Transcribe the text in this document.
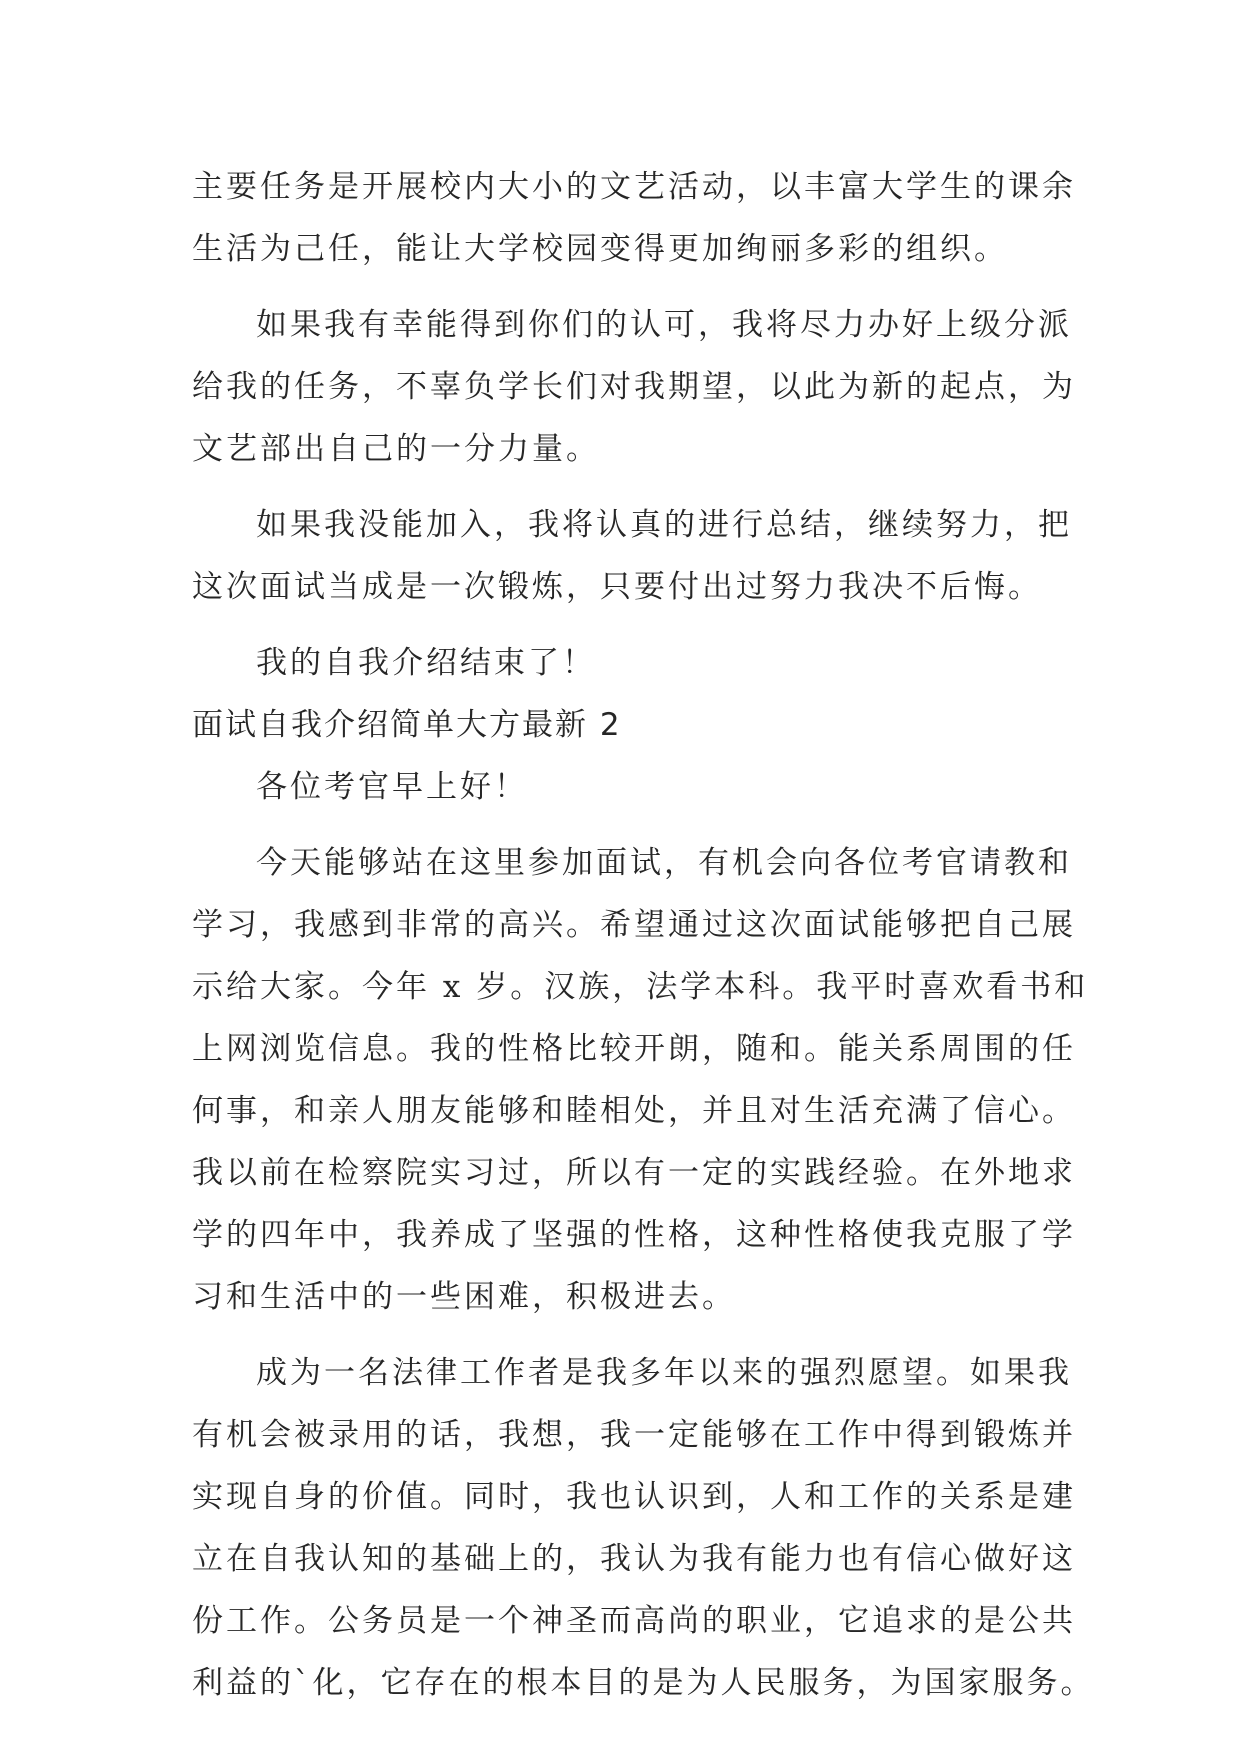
主要任务是开展校内大小的文艺活动，以丰富大学生的课余
生活为己任，能让大学校园变得更加绚丽多彩的组织。
如果我有幸能得到你们的认可，我将尽力办好上级分派
给我的任务，不辜负学长们对我期望，以此为新的起点，为
文艺部出自己的一分力量。
如果我没能加入，我将认真的进行总结，继续努力，把
这次面试当成是一次锻炼，只要付出过努力我决不后悔。
我的自我介绍结束了！
面试自我介绍简单大方最新 2
各位考官早上好！
今天能够站在这里参加面试，有机会向各位考官请教和
学习，我感到非常的高兴。希望通过这次面试能够把自己展
示给大家。今年 x 岁。汉族，法学本科。我平时喜欢看书和
上网浏览信息。我的性格比较开朗，随和。能关系周围的任
何事，和亲人朋友能够和睦相处，并且对生活充满了信心。
我以前在检察院实习过，所以有一定的实践经验。在外地求
学的四年中，我养成了坚强的性格，这种性格使我克服了学
习和生活中的一些困难，积极进去。
成为一名法律工作者是我多年以来的强烈愿望。如果我
有机会被录用的话，我想，我一定能够在工作中得到锻炼并
实现自身的价值。同时，我也认识到，人和工作的关系是建
立在自我认知的基础上的，我认为我有能力也有信心做好这
份工作。公务员是一个神圣而高尚的职业，它追求的是公共
利益的`化，它存在的根本目的是为人民服务，为国家服务。
